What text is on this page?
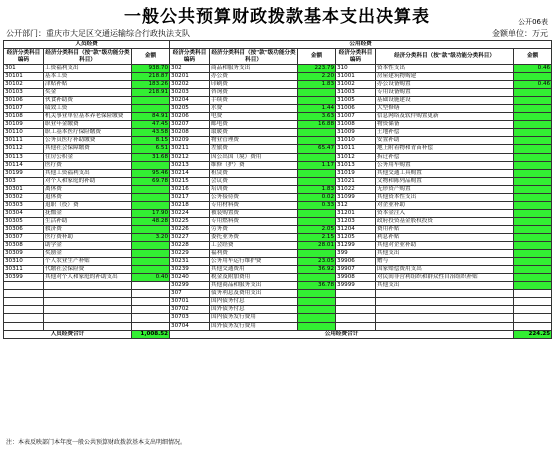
一般公共预算财政拨款基本支出决算表	公开06表
公开部门：重庆市大足区交通运输综合行政执法支队	金额单位：万元
人员经费			公用经费					
经济分类科目编码	经济分类科目（按"款"级功能分类科目）	金额	经济分类科目编码	经济分类科目（按"款"级功能分类科目）	金额	经济分类科目编码	经济分类科目（按"款"级功能分类科目）	金额
301	工资福利支出	938.70	302	商品和服务支出	223.79	310	资本性支出	0.46
30101	基本工资	218.87	30201	办公费	2.20	31001	房屋建筑物购建	
30102	津贴补贴	183.26	30202	印刷费	1.83	31002	办公设备购置	0.46
30103	奖金	218.91	30203	咨询费		31003	专用设备购置	
30106	伙食补助费		30204	手续费		31005	基础设施建设	
30107	绩效工资		30205	水费	1.44	31006	大型修缮	
30108	机关事业单位基本养老保险缴费	84.91	30206	电费	3.63	31007	信息网络及软件购置更新	
30109	职业年金缴费	47.45	30207	邮电费	16.88	31008	物资储备	
30110	职工基本医疗保险缴费	43.58	30208	取暖费		31009	土地补偿	
30111	公务员医疗补助缴费	8.15	30209	物业管理费		31010	安置补助	
30112	其他社会保障缴费	6.51	30211	差旅费	65.47	31011	地上附着物和青苗补偿	
30113	住房公积金	31.68	30212	因公出国（境）费用		31012	拆迁补偿	
30114	医疗费		30213	维修（护）费	1.17	31013	公务用车购置	
30199	其他工资福利支出	95.46	30214	租赁费		31019	其他交通工具购置	
303	对个人和家庭的补助	69.78	30215	会议费		31021	文物和陈列品购置	
30301	离休费		30216	培训费	1.83	31022	无形资产购置	
30302	退休费		30217	公务接待费	0.02	31099	其他资本性支出	
30303	退职（役）费		30218	专用材料费	0.33	312	对企业补助	
30304	抚恤金	17.90	30224	被装购置费		31201	资本金注入	
30305	生活补助	48.28	30225	专用燃料费		31203	政府投资基金股权投资	
30306	救济费		30226	劳务费	2.05	31204	费用补贴	
30307	医疗费补助	3.20	30227	委托业务费	2.15	31205	利息补贴	
30308	助学金		30228	工会经费	28.01	31299	其他对企业补助	
30309	奖励金		30229	福利费		399	其他支出	
30310	个人农业生产补贴		30231	公务用车运行维护费	23.05	39906	赠与	
30311	代缴社会保险费		30239	其他交通费用	36.92	39907	国家赔偿费用支出	
30399	其他对个人和家庭的补助支出	0.40	30240	税金及附加费用		39908	对民间非营利组织和群众性自治组织补贴	
			30299	其他商品和服务支出	36.78	39999	其他支出	
			307	债务利息及费用支出				
			30701	国内债务付息				
			30702	国外债务付息				
			30703	国内债务发行费用				
			30704	国外债务发行费用				
人员经费合计		1,008.52	公用经费合计					224.25
注：本表反映部门本年度一般公共预算财政拨款基本支出明细情况。
